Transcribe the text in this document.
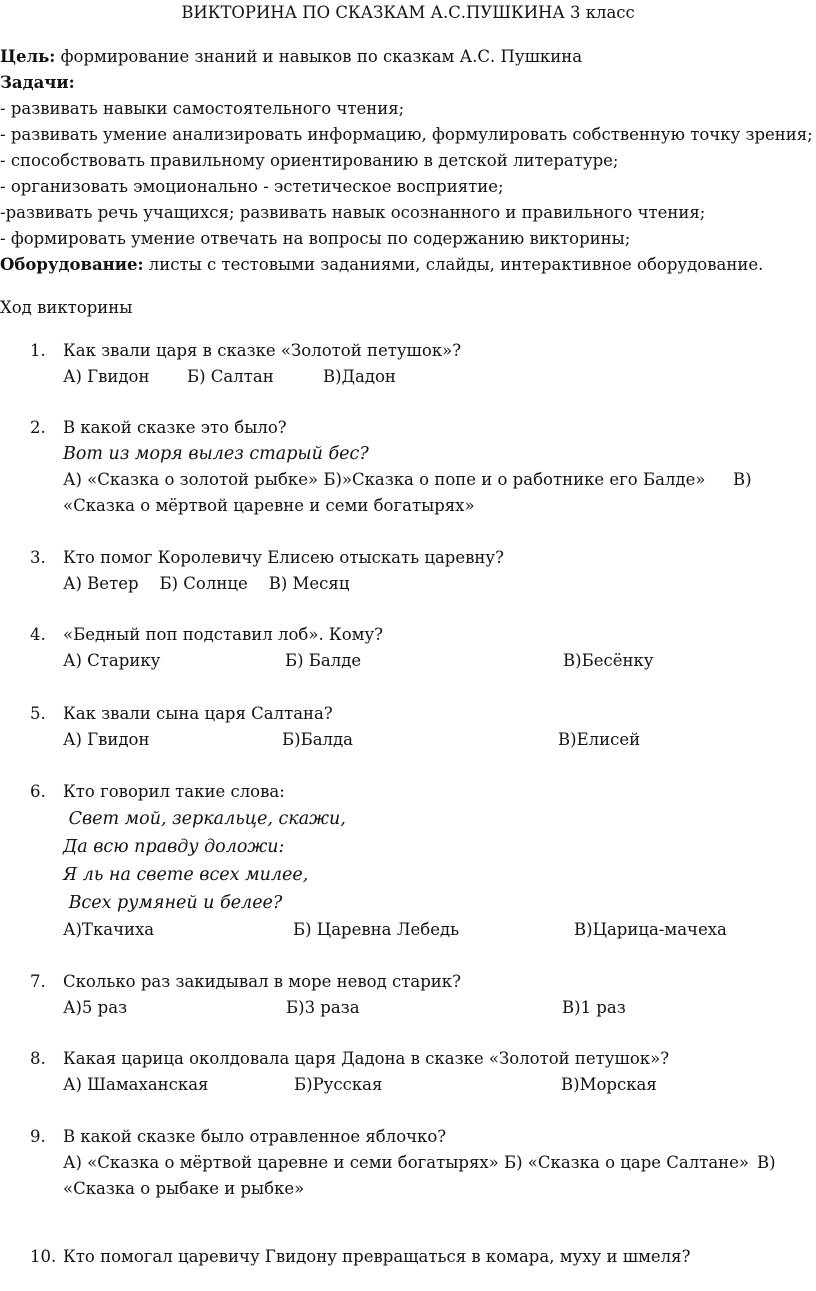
ВИКТОРИНА ПО СКАЗКАМ А.С.ПУШКИНА 3 класс
Цель: формирование знаний и навыков по сказкам А.С. Пушкина
Задачи:
- развивать навыки самостоятельного чтения;
- развивать умение анализировать информацию, формулировать собственную точку зрения;
- способствовать правильному ориентированию в детской литературе;
- организовать эмоционально - эстетическое восприятие;
-развивать речь учащихся; развивать навык осознанного и правильного чтения;
- формировать умение отвечать на вопросы по содержанию викторины;
Оборудование: листы с тестовыми заданиями, слайды, интерактивное оборудование.
Ход викторины
1. Как звали царя в сказке «Золотой петушок»?
А) Гвидон Б) Салтан	В)Дадон
2. В какой сказке это было?
Вот из моря вылез старый бес?
А) «Сказка о золотой рыбке» Б)»Сказка о попе и о работнике его Балде» В)
«Сказка о мёртвой царевне и семи богатырях»
3. Кто помог Королевичу Елисею отыскать царевну?
А) Ветер    Б) Солнце    В) Месяц
4. «Бедный поп подставил лоб». Кому?
А) Старику	Б) Балде	В)Бесёнку
5. Как звали сына царя Салтана?
А) Гвидон	Б)Балда	В)Елисей
6. Кто говорил такие слова:
Свет мой, зеркальце, скажи,
Да всю правду доложи:
Я ль на свете всех милее,
Всех румяней и белее?
А)Ткачиха	Б) Царевна Лебедь	В)Царица-мачеха
7. Сколько раз закидывал в море невод старик?
А)5 раз	Б)3 раза	В)1 раз
8. Какая царица околдовала царя Дадона в сказке «Золотой петушок»?
А) Шамаханская	Б)Русская	В)Морская
9. В какой сказке было отравленное яблочко?
А) «Сказка о мёртвой царевне и семи богатырях» Б) «Сказка о царе Салтане» В)
«Сказка о рыбаке и рыбке»
10. Кто помогал царевичу Гвидону превращаться в комара, муху и шмеля?
